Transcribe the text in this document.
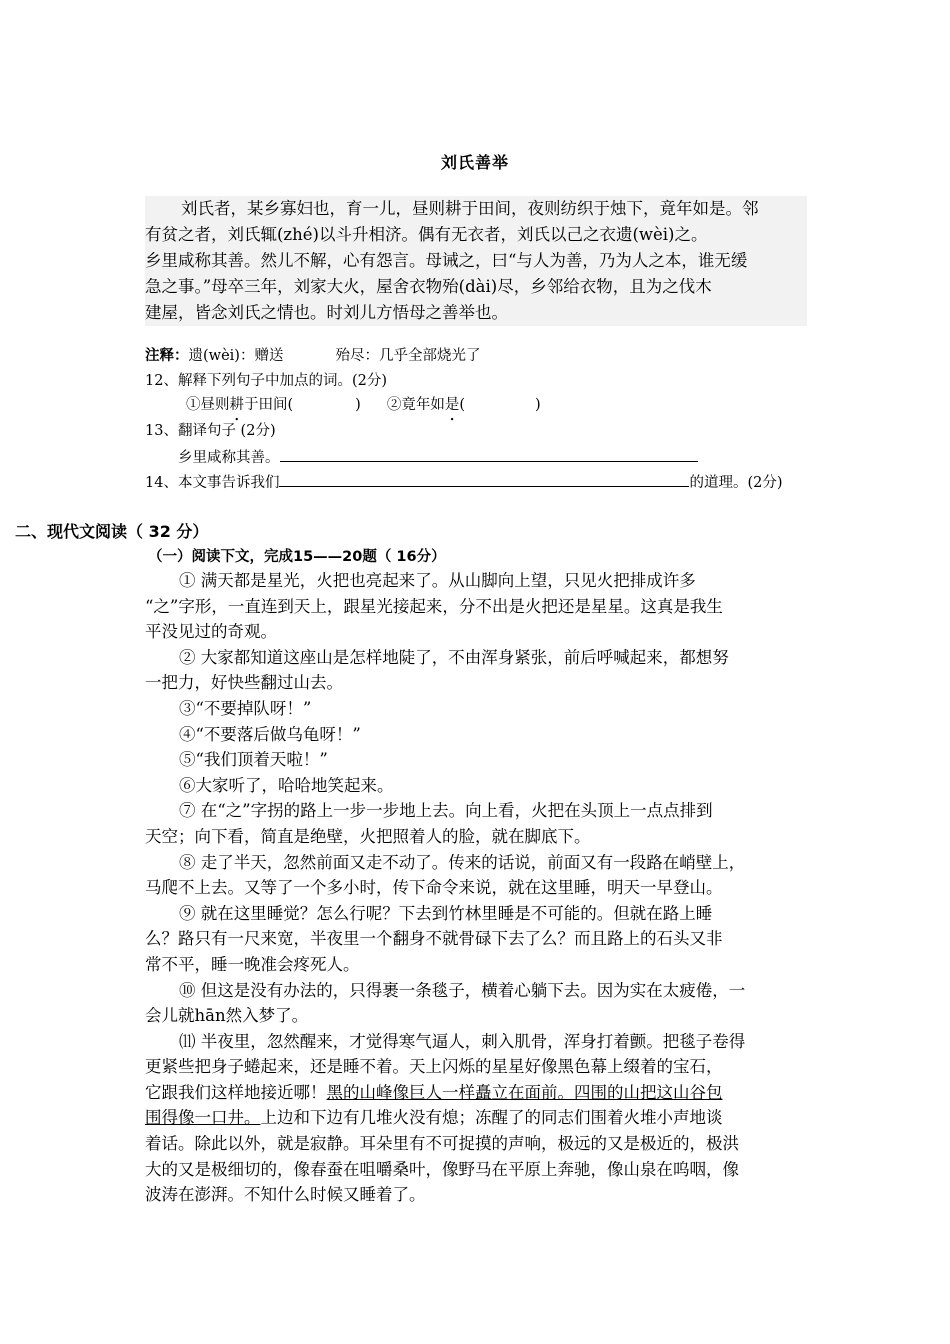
刘氏善举
刘氏者，某乡寡妇也，育一儿，昼则耕于田间，夜则纺织于烛下，竟年如是。邻
有贫之者，刘氏辄(zhé)以斗升相济。偶有无衣者，刘氏以己之衣遗(wèi)之。
乡里咸称其善。然儿不解，心有怨言。母诫之，曰“与人为善，乃为人之本，谁无缓
急之事。”母卒三年，刘家大火，屋舍衣物殆(dài)尽，乡邻给衣物，且为之伐木
建屋，皆念刘氏之情也。时刘儿方悟母之善举也。
注释：遗(wèi)：赠送	殆尽：几乎全部烧光了
12、解释下列句子中加点的词。(2分)
①昼则耕于田间(	) ②竟年如是(	)
13、翻译句子 (2分)
乡里咸称其善。
14、本文事告诉我们	的道理。(2分)
二、现代文阅读（ 32 分）
（一）阅读下文，完成15——20题（ 16分）
① 满天都是星光，火把也亮起来了。从山脚向上望，只见火把排成许多
“之”字形，一直连到天上，跟星光接起来，分不出是火把还是星星。这真是我生
平没见过的奇观。
② 大家都知道这座山是怎样地陡了，不由浑身紧张，前后呼喊起来，都想努
一把力，好快些翻过山去。
③“不要掉队呀！”
④“不要落后做乌龟呀！”
⑤“我们顶着天啦！”
⑥大家听了，哈哈地笑起来。
⑦ 在“之”字拐的路上一步一步地上去。向上看，火把在头顶上一点点排到
天空；向下看，简直是绝壁，火把照着人的脸，就在脚底下。
⑧ 走了半天，忽然前面又走不动了。传来的话说，前面又有一段路在峭壁上，
马爬不上去。又等了一个多小时，传下命令来说，就在这里睡，明天一早登山。
⑨ 就在这里睡觉？怎么行呢？下去到竹林里睡是不可能的。但就在路上睡
么？路只有一尺来宽，半夜里一个翻身不就骨碌下去了么？而且路上的石头又非
常不平，睡一晚准会疼死人。
⑩ 但这是没有办法的，只得裹一条毯子，横着心躺下去。因为实在太疲倦，一
会儿就hān然入梦了。
⑾ 半夜里，忽然醒来，才觉得寒气逼人，刺入肌骨，浑身打着颤。把毯子卷得
更紧些把身子蜷起来，还是睡不着。天上闪烁的星星好像黑色幕上缀着的宝石，
它跟我们这样地接近哪！黑的山峰像巨人一样矗立在面前。四围的山把这山谷包
围得像一口井。上边和下边有几堆火没有熄；冻醒了的同志们围着火堆小声地谈
着话。除此以外，就是寂静。耳朵里有不可捉摸的声响，极远的又是极近的，极洪
大的又是极细切的，像春蚕在咀嚼桑叶，像野马在平原上奔驰，像山泉在呜咽，像
波涛在澎湃。不知什么时候又睡着了。
